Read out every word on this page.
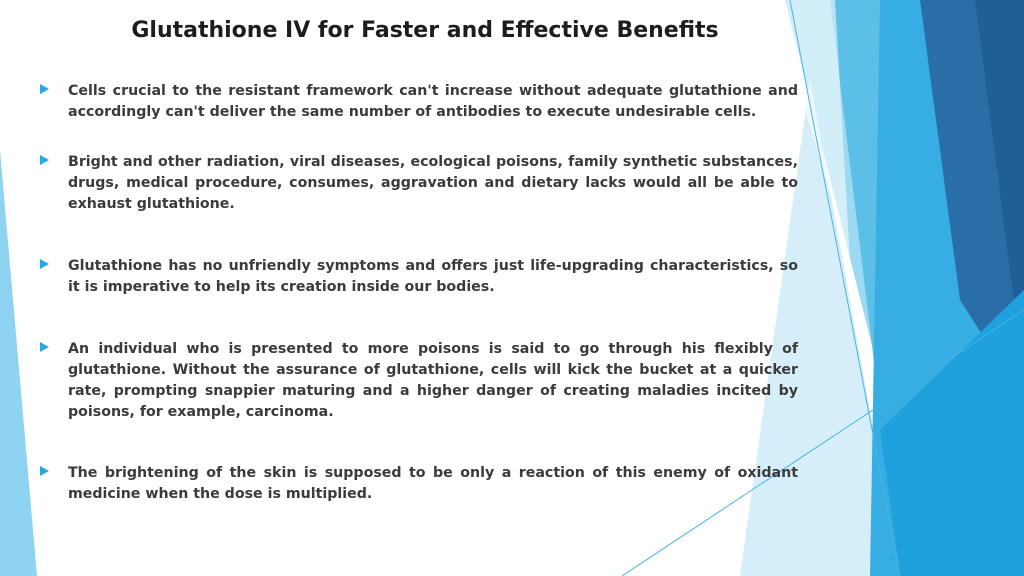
Glutathione IV for Faster and Effective Benefits
Cells crucial to the resistant framework can't increase without adequate glutathione and accordingly can't deliver the same number of antibodies to execute undesirable cells.
Bright and other radiation, viral diseases, ecological poisons, family synthetic substances, drugs, medical procedure, consumes, aggravation and dietary lacks would all be able to exhaust glutathione.
Glutathione has no unfriendly symptoms and offers just life-upgrading characteristics, so it is imperative to help its creation inside our bodies.
An individual who is presented to more poisons is said to go through his flexibly of glutathione. Without the assurance of glutathione, cells will kick the bucket at a quicker rate, prompting snappier maturing and a higher danger of creating maladies incited by poisons, for example, carcinoma.
The brightening of the skin is supposed to be only a reaction of this enemy of oxidant medicine when the dose is multiplied.
